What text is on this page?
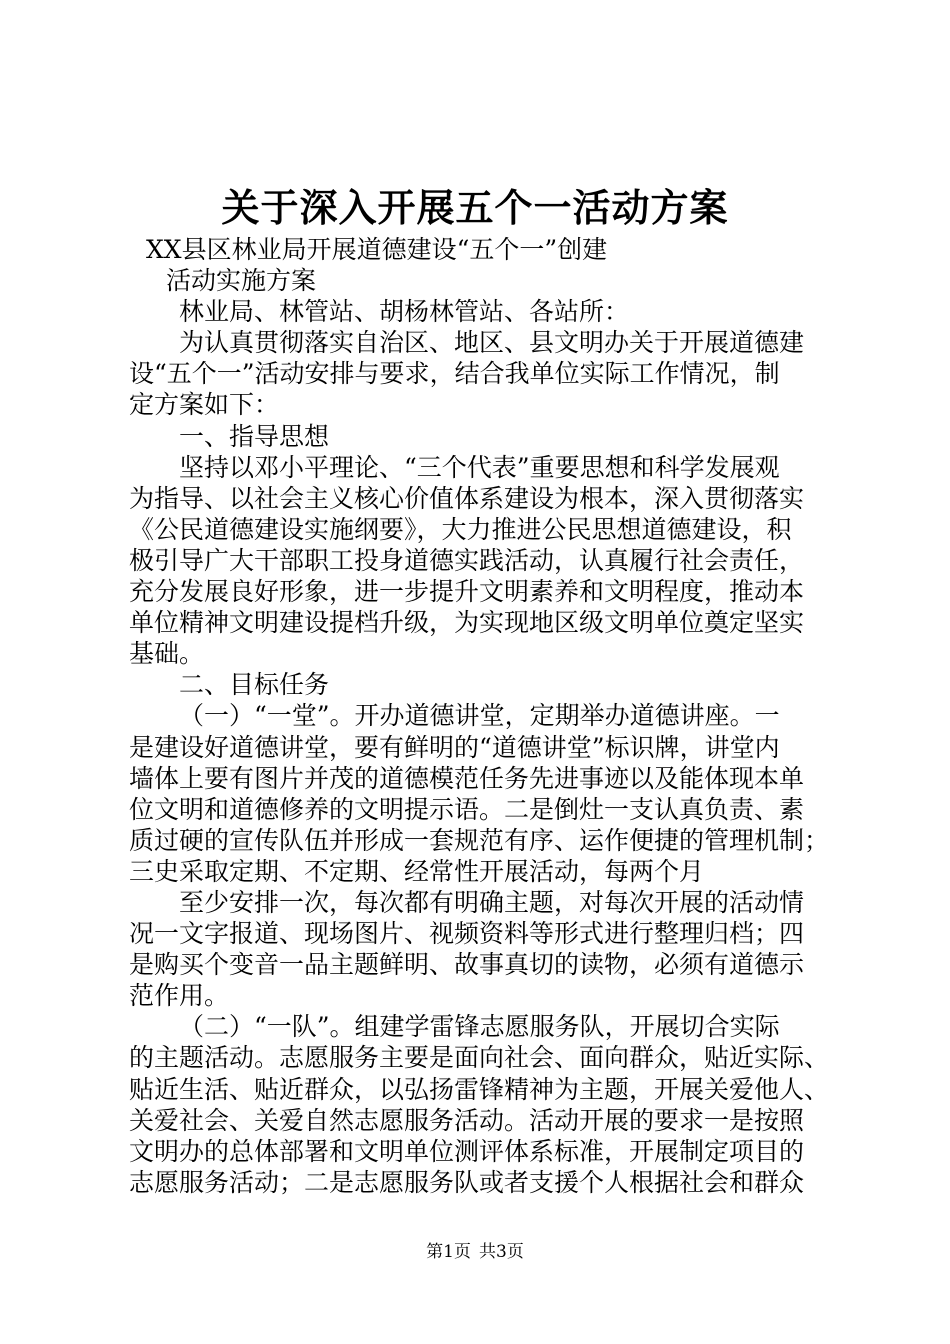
关于深入开展五个一活动方案
XX县区林业局开展道德建设“五个一”创建
活动实施方案
林业局、林管站、胡杨林管站、各站所：
为认真贯彻落实自治区、地区、县文明办关于开展道德建
设“五个一”活动安排与要求，结合我单位实际工作情况，制
定方案如下：
一、指导思想
坚持以邓小平理论、“三个代表”重要思想和科学发展观
为指导、以社会主义核心价值体系建设为根本，深入贯彻落实
《公民道德建设实施纲要》，大力推进公民思想道德建设，积
极引导广大干部职工投身道德实践活动，认真履行社会责任，
充分发展良好形象，进一步提升文明素养和文明程度，推动本
单位精神文明建设提档升级，为实现地区级文明单位奠定坚实
基础。
二、目标任务
（一）“一堂”。开办道德讲堂，定期举办道德讲座。一
是建设好道德讲堂，要有鲜明的“道德讲堂”标识牌，讲堂内
墙体上要有图片并茂的道德模范任务先进事迹以及能体现本单
位文明和道德修养的文明提示语。二是倒灶一支认真负责、素
质过硬的宣传队伍并形成一套规范有序、运作便捷的管理机制；
三史采取定期、不定期、经常性开展活动，每两个月
至少安排一次，每次都有明确主题，对每次开展的活动情
况一文字报道、现场图片、视频资料等形式进行整理归档；四
是购买个变音一品主题鲜明、故事真切的读物，必须有道德示
范作用。
（二）“一队”。组建学雷锋志愿服务队，开展切合实际
的主题活动。志愿服务主要是面向社会、面向群众，贴近实际、
贴近生活、贴近群众，以弘扬雷锋精神为主题，开展关爱他人、
关爱社会、关爱自然志愿服务活动。活动开展的要求一是按照
文明办的总体部署和文明单位测评体系标准，开展制定项目的
志愿服务活动；二是志愿服务队或者支援个人根据社会和群众
第1页 共3页
